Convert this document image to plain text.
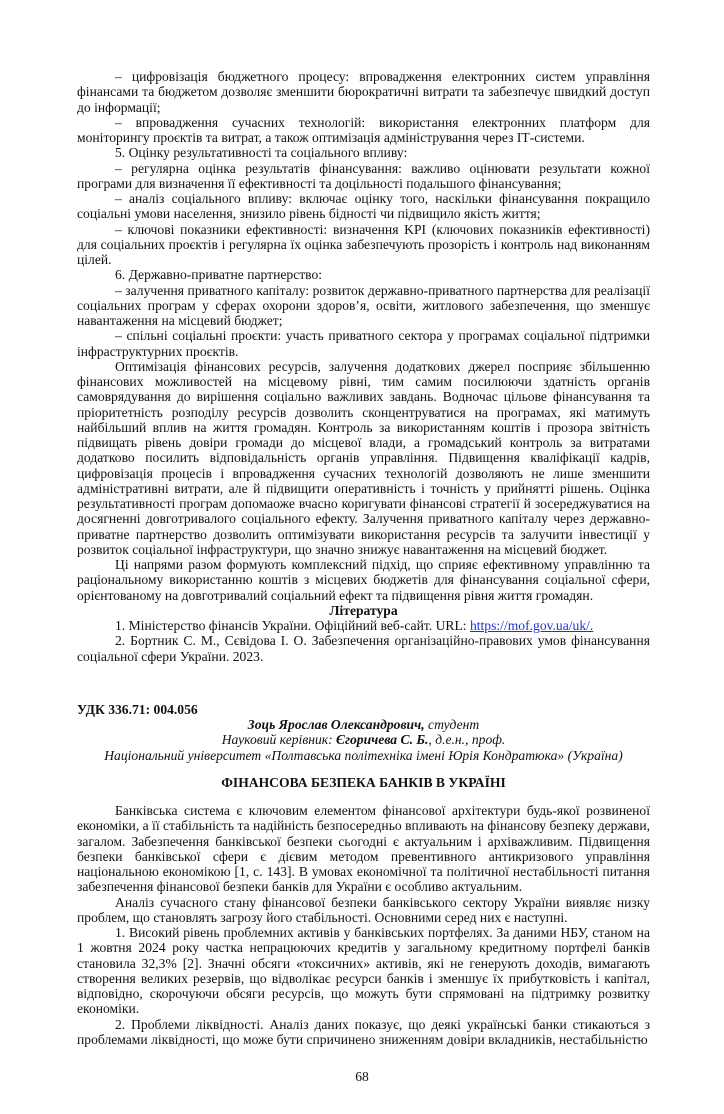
– цифровізація бюджетного процесу: впровадження електронних систем управління фінансами та бюджетом дозволяє зменшити бюрократичні витрати та забезпечує швидкий доступ до інформації;

– впровадження сучасних технологій: використання електронних платформ для моніторингу проєктів та витрат, а також оптимізація адміністрування через ІТ-системи.

5. Оцінку результативності та соціального впливу:

– регулярна оцінка результатів фінансування: важливо оцінювати результати кожної програми для визначення її ефективності та доцільності подальшого фінансування;

– аналіз соціального впливу: включає оцінку того, наскільки фінансування покращило соціальні умови населення, знизило рівень бідності чи підвищило якість життя;

– ключові показники ефективності: визначення KPI (ключових показників ефективності) для соціальних проєктів і регулярна їх оцінка забезпечують прозорість і контроль над виконанням цілей.

6. Державно-приватне партнерство:

– залучення приватного капіталу: розвиток державно-приватного партнерства для реалізації соціальних програм у сферах охорони здоров’я, освіти, житлового забезпечення, що зменшує навантаження на місцевий бюджет;

– спільні соціальні проєкти: участь приватного сектора у програмах соціальної підтримки інфраструктурних проєктів.

Оптимізація фінансових ресурсів, залучення додаткових джерел посприяє збільшенню фінансових можливостей на місцевому рівні, тим самим посилюючи здатність органів самоврядування до вирішення соціально важливих завдань. Водночас цільове фінансування та пріоритетність розподілу ресурсів дозволить сконцентруватися на програмах, які матимуть найбільший вплив на життя громадян. Контроль за використанням коштів і прозора звітність підвищать рівень довіри громади до місцевої влади, а громадський контроль за витратами додатково посилить відповідальність органів управління. Підвищення кваліфікації кадрів, цифровізація процесів і впровадження сучасних технологій дозволяють не лише зменшити адміністративні витрати, але й підвищити оперативність і точність у прийнятті рішень. Оцінка результативності програм допомаоже вчасно коригувати фінансові стратегії й зосереджуватися на досягненні довготривалого соціального ефекту. Залучення приватного капіталу через державно-приватне партнерство дозволить оптимізувати використання ресурсів та залучити інвестиції у розвиток соціальної інфраструктури, що значно знижує навантаження на місцевий бюджет.

Ці напрями разом формують комплексний підхід, що сприяє ефективному управлінню та раціональному використанню коштів з місцевих бюджетів для фінансування соціальної сфери, орієнтованому на довготривалий соціальний ефект та підвищення рівня життя громадян.

Література

1. Міністерство фінансів України. Офіційний веб-сайт. URL: https://mof.gov.ua/uk/.

2. Бортник С. М., Сєвідова І. О. Забезпечення організаційно-правових умов фінансування соціальної сфери України. 2023.

УДК 336.71: 004.056

Зоць Ярослав Олександрович, студент

Науковий керівник: Єгоричева С. Б., д.е.н., проф.

Національний університет «Полтавська політехніка імені Юрія Кондратюка» (Україна)

ФІНАНСОВА БЕЗПЕКА БАНКІВ В УКРАЇНІ

Банківська система є ключовим елементом фінансової архітектури будь-якої розвиненої економіки, а її стабільність та надійність безпосередньо впливають на фінансову безпеку держави, загалом. Забезпечення банківської безпеки сьогодні є актуальним і архіважливим. Підвищення безпеки банківської сфери є дієвим методом превентивного антикризового управління національною економікою [1, с. 143]. В умовах економічної та політичної нестабільності питання забезпечення фінансової безпеки банків для України є особливо актуальним.

Аналіз сучасного стану фінансової безпеки банківського сектору України виявляє низку проблем, що становлять загрозу його стабільності. Основними серед них є наступні.

1. Високий рівень проблемних активів у банківських портфелях. За даними НБУ, станом на 1 жовтня 2024 року частка непрацюючих кредитів у загальному кредитному портфелі банків становила 32,3% [2]. Значні обсяги «токсичних» активів, які не генерують доходів, вимагають створення великих резервів, що відволікає ресурси банків і зменшує їх прибутковість і капітал, відповідно, скорочуючи обсяги ресурсів, що можуть бути спрямовані на підтримку розвитку економіки.

2. Проблеми ліквідності. Аналіз даних показує, що деякі українські банки стикаються з проблемами ліквідності, що може бути спричинено зниженням довіри вкладників, нестабільністю

68
